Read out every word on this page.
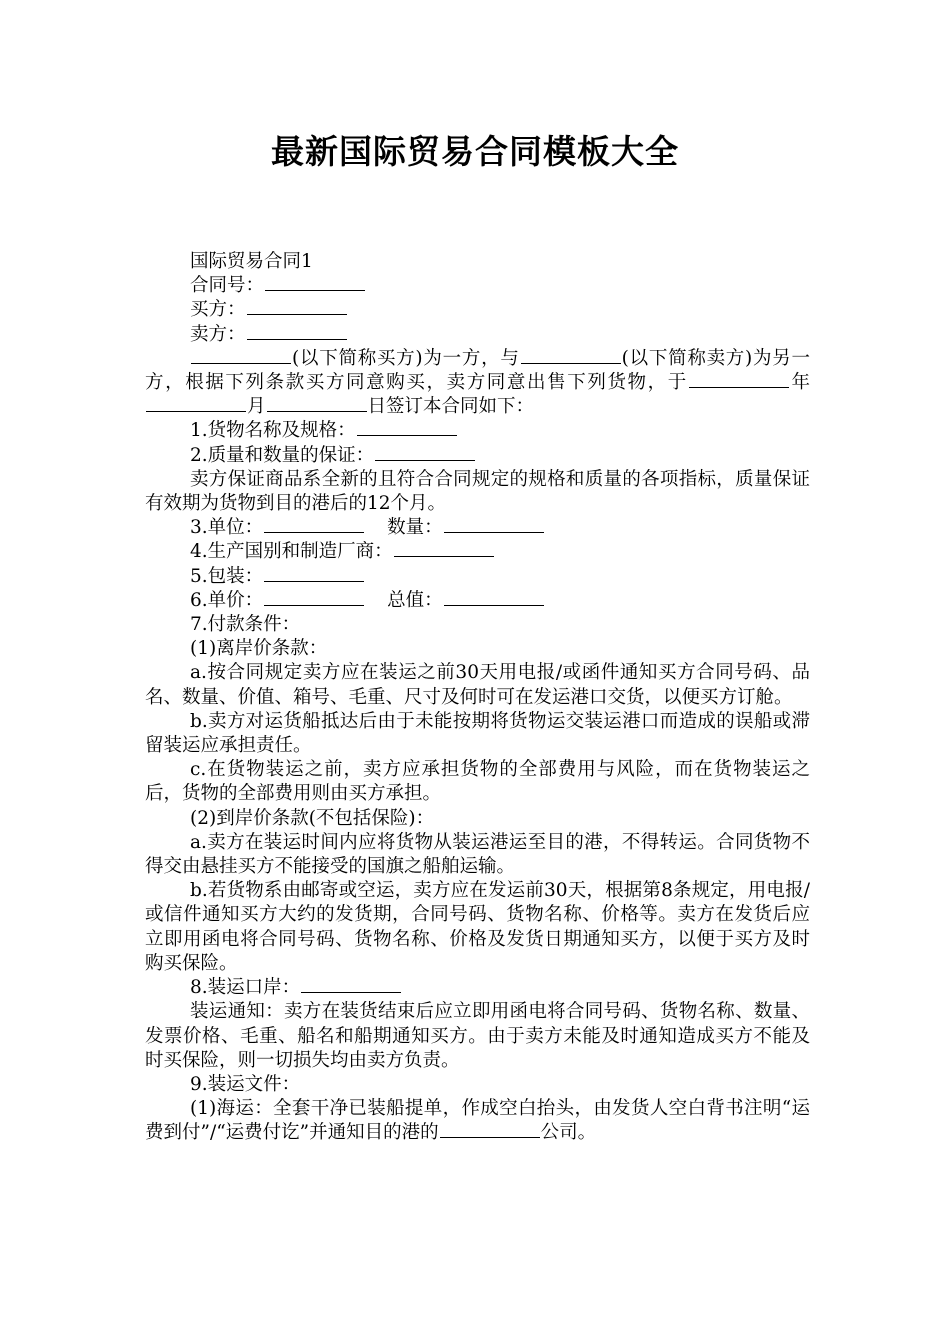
最新国际贸易合同模板大全

国际贸易合同1

合同号：

买方：

卖方：

(以下简称买方)为一方，与	(以下简称卖方)为另一方，根据下列条款买方同意购买，卖方同意出售下列货物，于	年月	日签订本合同如下：

1.货物名称及规格：

2.质量和数量的保证：

卖方保证商品系全新的且符合合同规定的规格和质量的各项指标，质量保证有效期为货物到目的港后的12个月。

3.单位：	数量：

4.生产国别和制造厂商：

5.包装：

6.单价：	总值：

7.付款条件：

(1)离岸价条款：

a.按合同规定卖方应在装运之前30天用电报/或函件通知买方合同号码、品名、数量、价值、箱号、毛重、尺寸及何时可在发运港口交货，以便买方订舱。

b.卖方对运货船抵达后由于未能按期将货物运交装运港口而造成的误船或滞留装运应承担责任。

c.在货物装运之前，卖方应承担货物的全部费用与风险，而在货物装运之后，货物的全部费用则由买方承担。

(2)到岸价条款(不包括保险)：

a.卖方在装运时间内应将货物从装运港运至目的港，不得转运。合同货物不得交由悬挂买方不能接受的国旗之船舶运输。

b.若货物系由邮寄或空运，卖方应在发运前30天，根据第8条规定，用电报/或信件通知买方大约的发货期，合同号码、货物名称、价格等。卖方在发货后应立即用函电将合同号码、货物名称、价格及发货日期通知买方，以便于买方及时购买保险。

8.装运口岸：

装运通知：卖方在装货结束后应立即用函电将合同号码、货物名称、数量、发票价格、毛重、船名和船期通知买方。由于卖方未能及时通知造成买方不能及时买保险，则一切损失均由卖方负责。

9.装运文件：

(1)海运：全套干净已装船提单，作成空白抬头，由发货人空白背书注明“运费到付”/“运费付讫”并通知目的港的	公司。
